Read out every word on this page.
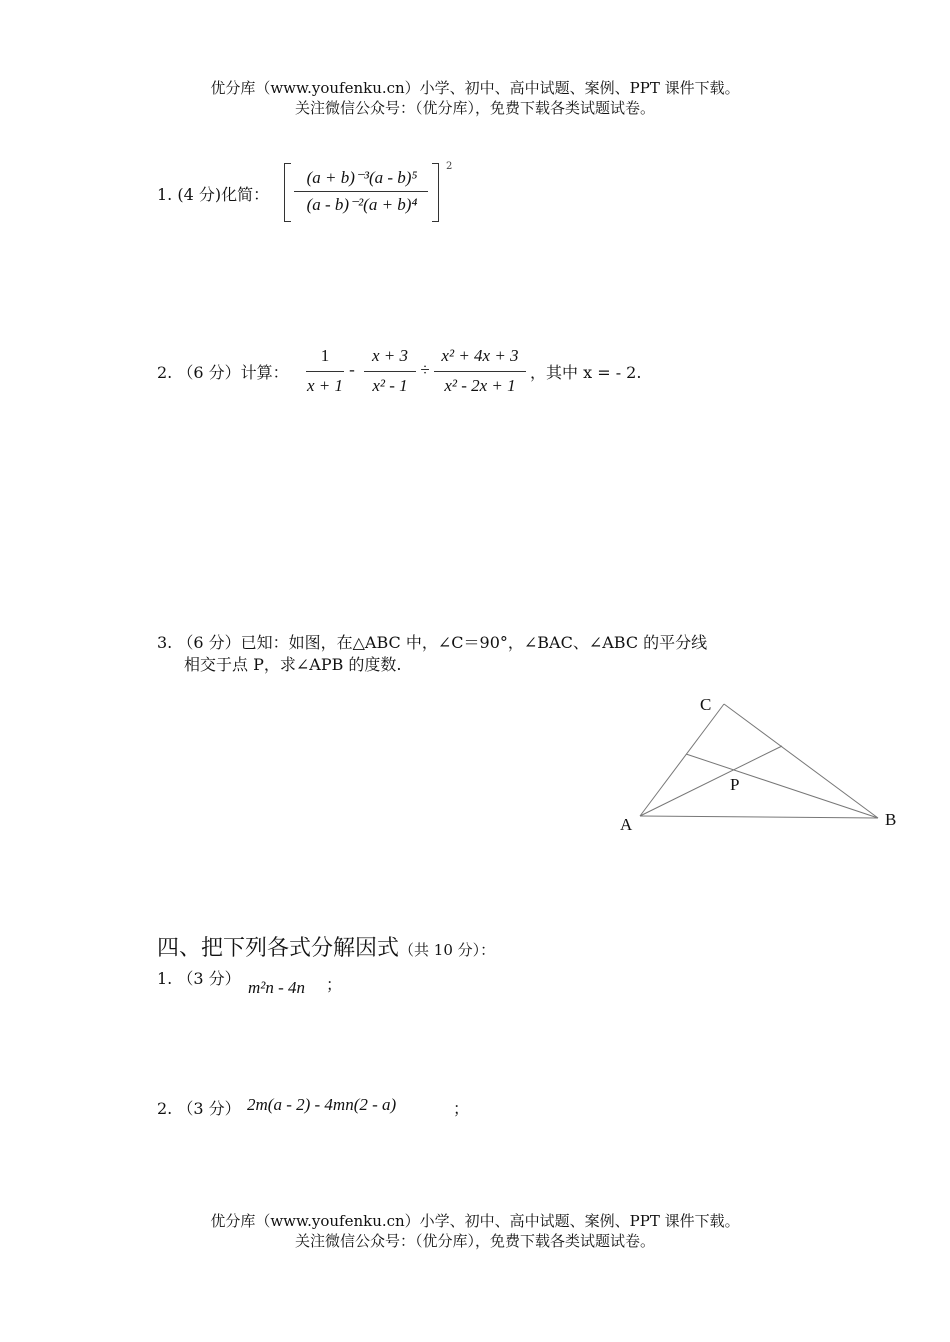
优分库（www.youfenku.cn）小学、初中、高中试题、案例、PPT 课件下载。
关注微信公众号：（优分库），免费下载各类试题试卷。
1. (4 分)化简：
(a + b)⁻³(a - b)⁵
(a - b)⁻²(a + b)⁴
2
2. （6 分）计算：
1
x + 1
-
x + 3
x² - 1
÷
x² + 4x + 3
x² - 2x + 1
，其中 x = - 2.
3. （6 分）已知：如图，在△ABC 中，∠C＝90°，∠BAC、∠ABC 的平分线
相交于点 P，求∠APB 的度数.
C
P
A	B
四、把下列各式分解因式（共 10 分）：
1. （3 分） m²n - 4n ；
2. （3 分） 2m(a - 2) - 4mn(2 - a)	；
优分库（www.youfenku.cn）小学、初中、高中试题、案例、PPT 课件下载。
关注微信公众号：（优分库），免费下载各类试题试卷。
